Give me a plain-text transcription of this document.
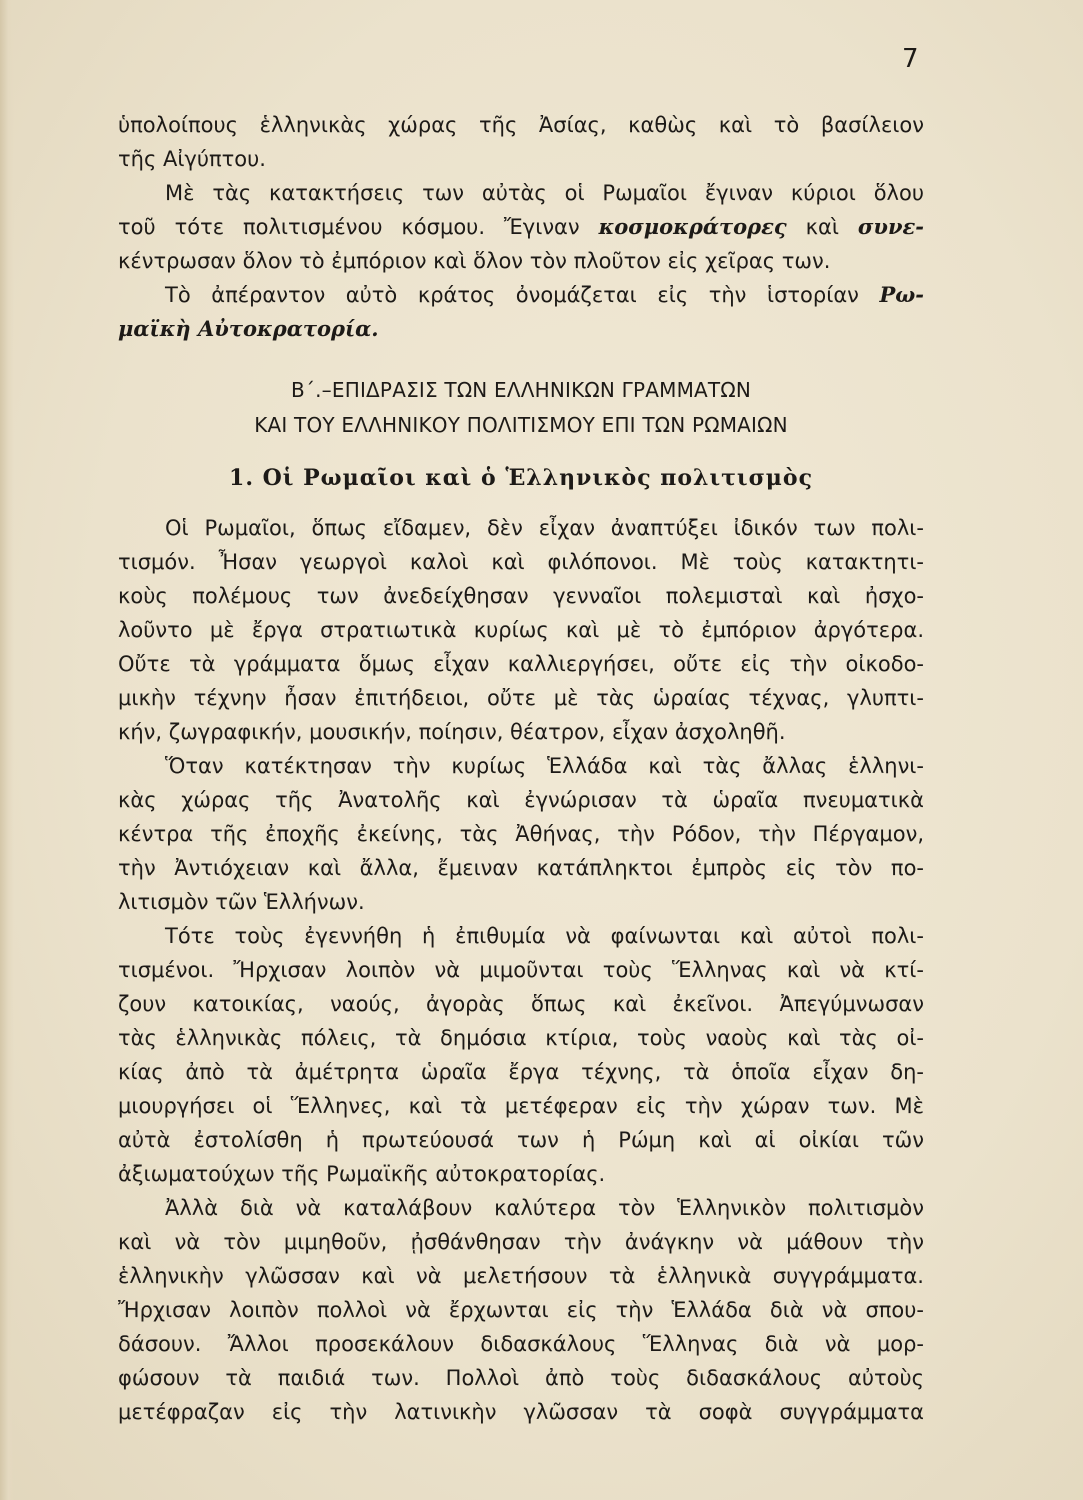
7
ὑπολοίπους ἑλληνικὰς χώρας τῆς Ἀσίας, καθὼς καὶ τὸ βασίλειον
τῆς Αἰγύπτου.
Μὲ τὰς κατακτήσεις των αὐτὰς οἱ Ρωμαῖοι ἔγιναν κύριοι ὅλου
τοῦ τότε πολιτισμένου κόσμου. Ἔγιναν κοσμοκράτορες καὶ συνε-
κέντρωσαν ὅλον τὸ ἐμπόριον καὶ ὅλον τὸν πλοῦτον εἰς χεῖρας των.
Τὸ ἀπέραντον αὐτὸ κράτος ὀνομάζεται εἰς τὴν ἱστορίαν Ρω-
μαϊκὴ Αὐτοκρατορία.
Β΄.–ΕΠΙΔΡΑΣΙΣ ΤΩΝ ΕΛΛΗΝΙΚΩΝ ΓΡΑΜΜΑΤΩΝ
ΚΑΙ ΤΟΥ ΕΛΛΗΝΙΚΟΥ ΠΟΛΙΤΙΣΜΟΥ ΕΠΙ ΤΩΝ ΡΩΜΑΙΩΝ
1. Οἱ Ρωμαῖοι καὶ ὁ Ἑλληνικὸς πολιτισμὸς
Οἱ Ρωμαῖοι, ὅπως εἴδαμεν, δὲν εἶχαν ἀναπτύξει ἰδικόν των πολι-
τισμόν. Ἦσαν γεωργοὶ καλοὶ καὶ φιλόπονοι. Μὲ τοὺς κατακτητι-
κοὺς πολέμους των ἀνεδείχθησαν γενναῖοι πολεμισταὶ καὶ ἠσχο-
λοῦντο μὲ ἔργα στρατιωτικὰ κυρίως καὶ μὲ τὸ ἐμπόριον ἀργότερα.
Οὔτε τὰ γράμματα ὅμως εἶχαν καλλιεργήσει, οὔτε εἰς τὴν οἰκοδο-
μικὴν τέχνην ἦσαν ἐπιτήδειοι, οὔτε μὲ τὰς ὡραίας τέχνας, γλυπτι-
κήν, ζωγραφικήν, μουσικήν, ποίησιν, θέατρον, εἶχαν ἀσχοληθῆ.
Ὅταν κατέκτησαν τὴν κυρίως Ἑλλάδα καὶ τὰς ἄλλας ἑλληνι-
κὰς χώρας τῆς Ἀνατολῆς καὶ ἐγνώρισαν τὰ ὡραῖα πνευματικὰ
κέντρα τῆς ἐποχῆς ἐκείνης, τὰς Ἀθήνας, τὴν Ρόδον, τὴν Πέργαμον,
τὴν Ἀντιόχειαν καὶ ἄλλα, ἔμειναν κατάπληκτοι ἐμπρὸς εἰς τὸν πο-
λιτισμὸν τῶν Ἑλλήνων.
Τότε τοὺς ἐγεννήθη ἡ ἐπιθυμία νὰ φαίνωνται καὶ αὐτοὶ πολι-
τισμένοι. Ἤρχισαν λοιπὸν νὰ μιμοῦνται τοὺς Ἕλληνας καὶ νὰ κτί-
ζουν κατοικίας, ναούς, ἀγορὰς ὅπως καὶ ἐκεῖνοι. Ἀπεγύμνωσαν
τὰς ἑλληνικὰς πόλεις, τὰ δημόσια κτίρια, τοὺς ναοὺς καὶ τὰς οἰ-
κίας ἀπὸ τὰ ἀμέτρητα ὡραῖα ἔργα τέχνης, τὰ ὁποῖα εἶχαν δη-
μιουργήσει οἱ Ἕλληνες, καὶ τὰ μετέφεραν εἰς τὴν χώραν των. Μὲ
αὐτὰ ἐστολίσθη ἡ πρωτεύουσά των ἡ Ρώμη καὶ αἱ οἰκίαι τῶν
ἀξιωματούχων τῆς Ρωμαϊκῆς αὐτοκρατορίας.
Ἀλλὰ διὰ νὰ καταλάβουν καλύτερα τὸν Ἑλληνικὸν πολιτισμὸν
καὶ νὰ τὸν μιμηθοῦν, ᾐσθάνθησαν τὴν ἀνάγκην νὰ μάθουν τὴν
ἑλληνικὴν γλῶσσαν καὶ νὰ μελετήσουν τὰ ἑλληνικὰ συγγράμματα.
Ἤρχισαν λοιπὸν πολλοὶ νὰ ἔρχωνται εἰς τὴν Ἑλλάδα διὰ νὰ σπου-
δάσουν. Ἄλλοι προσεκάλουν διδασκάλους Ἕλληνας διὰ νὰ μορ-
φώσουν τὰ παιδιά των. Πολλοὶ ἀπὸ τοὺς διδασκάλους αὐτοὺς
μετέφραζαν εἰς τὴν λατινικὴν γλῶσσαν τὰ σοφὰ συγγράμματα
